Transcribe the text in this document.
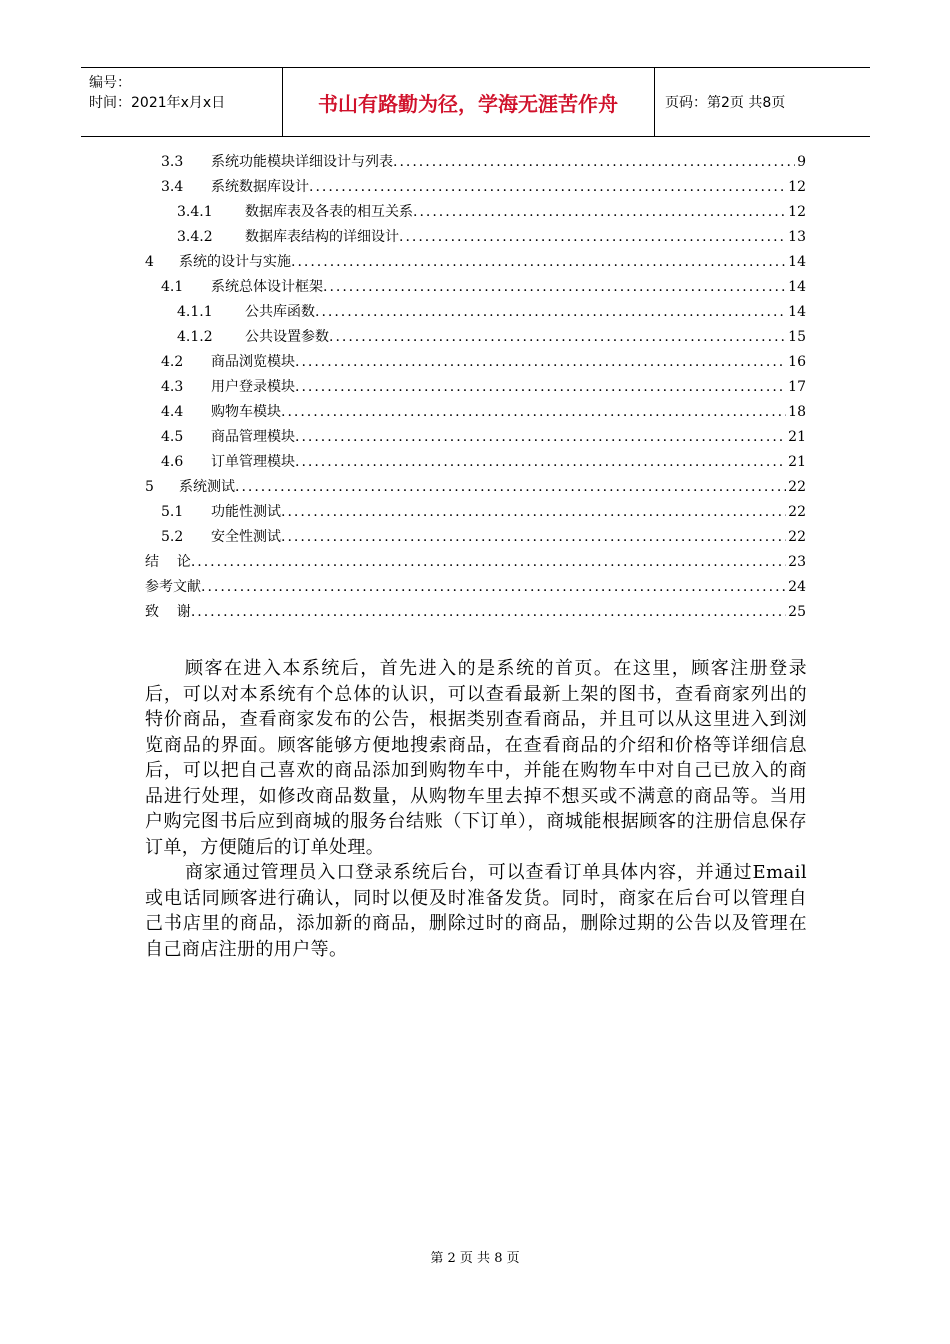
编号：
时间：2021年x月x日	书山有路勤为径，学海无涯苦作舟	页码：第2页 共8页
3.3	系统功能模块详细设计与列表 .....	9
3.4	系统数据库设计 .....	12
3.4.1	数据库表及各表的相互关系 .....	12
3.4.2	数据库表结构的详细设计 .....	13
4	系统的设计与实施 .....	14
4.1	系统总体设计框架 .....	14
4.1.1	公共库函数 .....	14
4.1.2	公共设置参数 .....	15
4.2	商品浏览模块 .....	16
4.3	用户登录模块 .....	17
4.4	购物车模块 .....	18
4.5	商品管理模块 .....	21
4.6	订单管理模块 .....	21
5	系统测试 .....	22
5.1	功能性测试 .....	22
5.2	安全性测试 .....	22
结    论 .....	23
参考文献 .....	24
致    谢 .....	25

顾客在进入本系统后，首先进入的是系统的首页。在这里，顾客注册登录后，可以对本系统有个总体的认识，可以查看最新上架的图书，查看商家列出的特价商品，查看商家发布的公告，根据类别查看商品，并且可以从这里进入到浏览商品的界面。顾客能够方便地搜索商品，在查看商品的介绍和价格等详细信息后，可以把自己喜欢的商品添加到购物车中，并能在购物车中对自己已放入的商品进行处理，如修改商品数量，从购物车里去掉不想买或不满意的商品等。当用户购完图书后应到商城的服务台结账（下订单），商城能根据顾客的注册信息保存订单，方便随后的订单处理。

商家通过管理员入口登录系统后台，可以查看订单具体内容，并通过Email或电话同顾客进行确认，同时以便及时准备发货。同时，商家在后台可以管理自己书店里的商品，添加新的商品，删除过时的商品，删除过期的公告以及管理在自己商店注册的用户等。

第 2 页 共 8 页
